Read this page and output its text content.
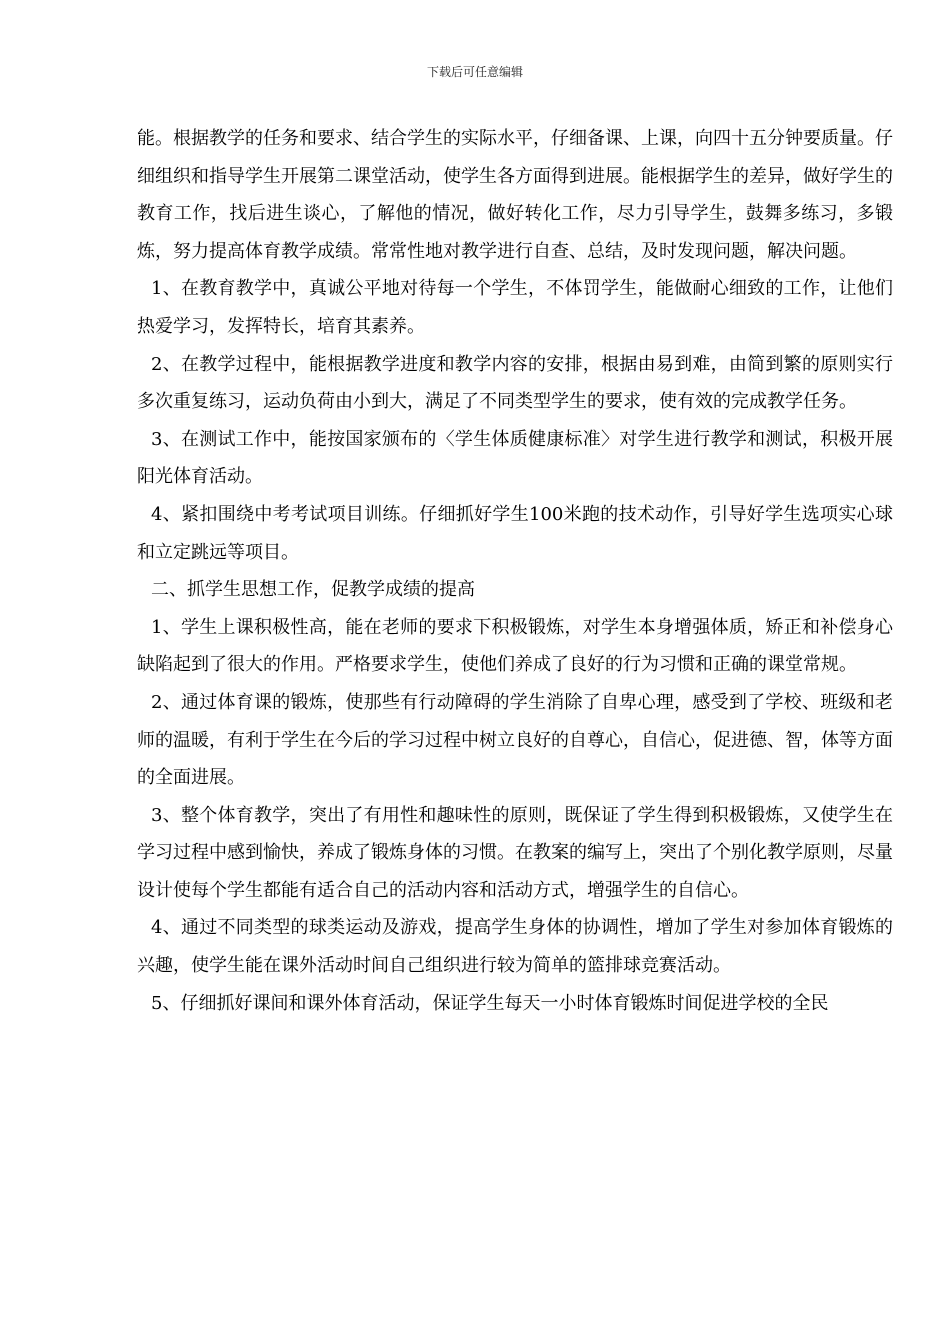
下载后可任意编辑

能。根据教学的任务和要求、结合学生的实际水平，仔细备课、上课，向四十五分钟要质量。仔细组织和指导学生开展第二课堂活动，使学生各方面得到进展。能根据学生的差异，做好学生的教育工作，找后进生谈心，了解他的情况，做好转化工作，尽力引导学生，鼓舞多练习，多锻炼，努力提高体育教学成绩。常常性地对教学进行自查、总结，及时发现问题，解决问题。

1、在教育教学中，真诚公平地对待每一个学生，不体罚学生，能做耐心细致的工作，让他们热爱学习，发挥特长，培育其素养。

2、在教学过程中，能根据教学进度和教学内容的安排，根据由易到难，由简到繁的原则实行多次重复练习，运动负荷由小到大，满足了不同类型学生的要求，使有效的完成教学任务。

3、在测试工作中，能按国家颁布的〈学生体质健康标准〉对学生进行教学和测试，积极开展阳光体育活动。

4、紧扣围绕中考考试项目训练。仔细抓好学生100米跑的技术动作，引导好学生选项实心球和立定跳远等项目。

二、抓学生思想工作，促教学成绩的提高

1、学生上课积极性高，能在老师的要求下积极锻炼，对学生本身增强体质，矫正和补偿身心缺陷起到了很大的作用。严格要求学生，使他们养成了良好的行为习惯和正确的课堂常规。

2、通过体育课的锻炼，使那些有行动障碍的学生消除了自卑心理，感受到了学校、班级和老师的温暖，有利于学生在今后的学习过程中树立良好的自尊心，自信心，促进德、智，体等方面的全面进展。

3、整个体育教学，突出了有用性和趣味性的原则，既保证了学生得到积极锻炼，又使学生在学习过程中感到愉快，养成了锻炼身体的习惯。在教案的编写上，突出了个别化教学原则，尽量设计使每个学生都能有适合自己的活动内容和活动方式，增强学生的自信心。

4、通过不同类型的球类运动及游戏，提高学生身体的协调性，增加了学生对参加体育锻炼的兴趣，使学生能在课外活动时间自己组织进行较为简单的篮排球竞赛活动。

5、仔细抓好课间和课外体育活动，保证学生每天一小时体育锻炼时间促进学校的全民
